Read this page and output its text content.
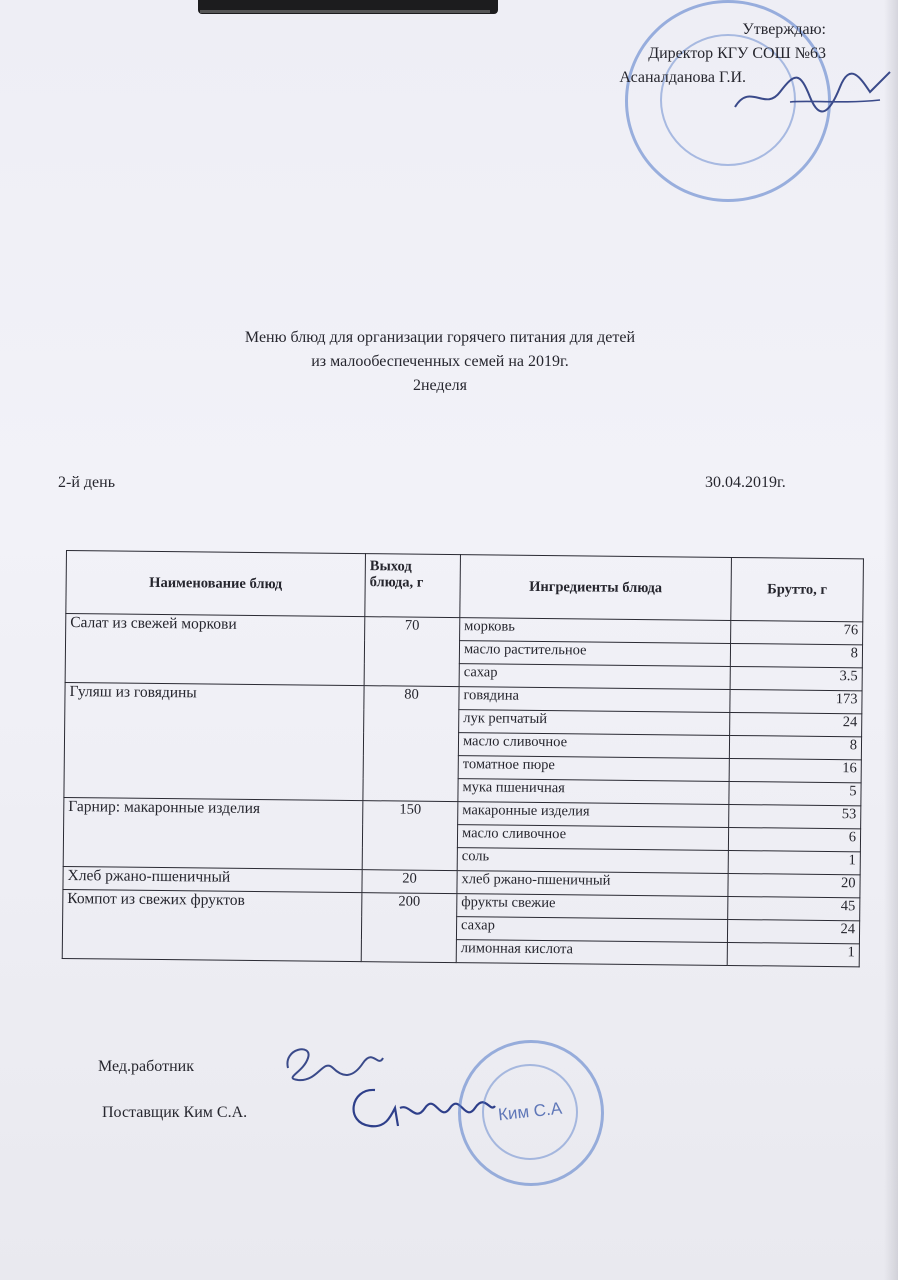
Утверждаю:
Директор КГУ СОШ №63
Асаналданова Г.И.
Меню блюд для организации горячего питания для детей
из малообеспеченных семей на 2019г.
2неделя
2-й день	30.04.2019г.
Наименование блюд	Выход блюда, г	Ингредиенты блюда	Брутто, г
Салат из свежей моркови	70	морковь	76
		масло растительное	8
		сахар	3.5
Гуляш из говядины	80	говядина	173
		лук репчатый	24
		масло сливочное	8
		томатное пюре	16
		мука пшеничная	5
Гарнир: макаронные изделия	150	макаронные изделия	53
		масло сливочное	6
		соль	1
Хлеб ржано-пшеничный	20	хлеб ржано-пшеничный	20
Компот из свежих фруктов	200	фрукты свежие	45
		сахар	24
		лимонная кислота	1
Мед.работник
Поставщик Ким С.А.	Ким С.А
